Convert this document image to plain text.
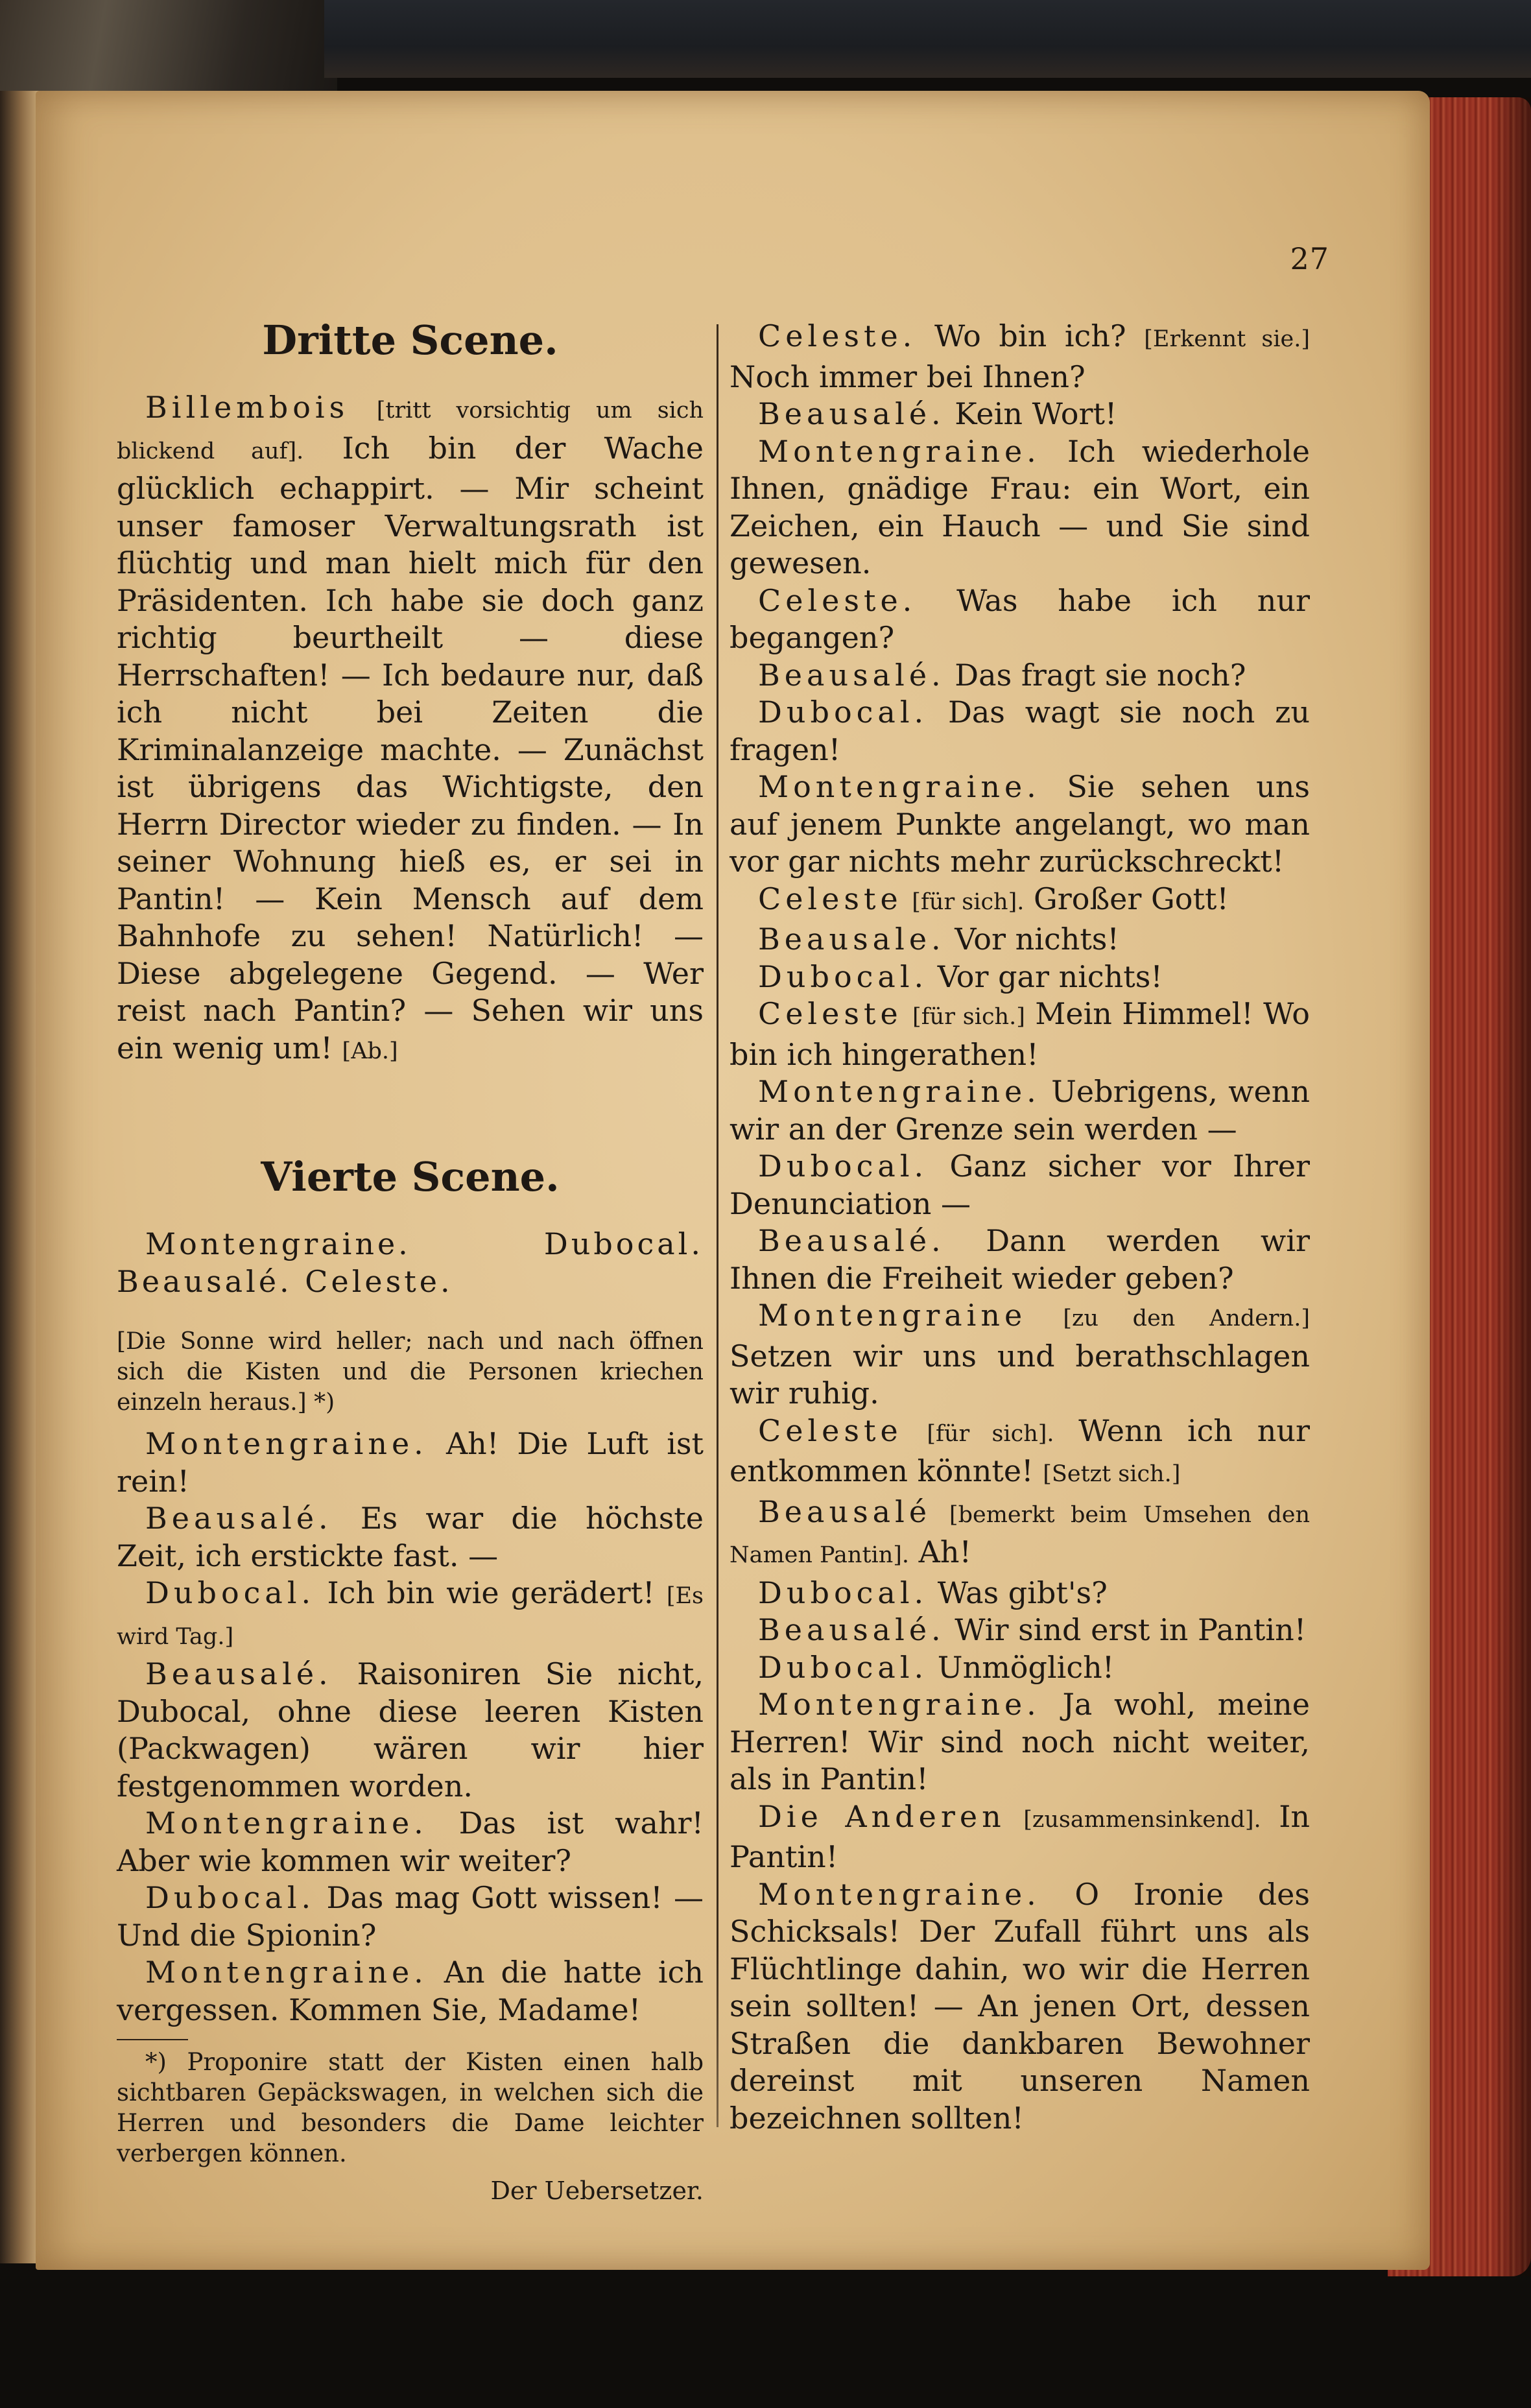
27

Dritte Scene.

Billembois [tritt vorsichtig um sich blickend auf]. Ich bin der Wache glücklich echappirt. — Mir scheint unser famoser Verwaltungsrath ist flüchtig und man hielt mich für den Präsidenten. Ich habe sie doch ganz richtig beurtheilt — diese Herrschaften! — Ich bedaure nur, daß ich nicht bei Zeiten die Kriminalanzeige machte. — Zunächst ist übrigens das Wichtigste, den Herrn Director wieder zu finden. — In seiner Wohnung hieß es, er sei in Pantin! — Kein Mensch auf dem Bahnhofe zu sehen! Natürlich! — Diese abgelegene Gegend. — Wer reist nach Pantin? — Sehen wir uns ein wenig um! [Ab.]

Vierte Scene.

Montengraine. Dubocal. Beausalé. Celeste.

[Die Sonne wird heller; nach und nach öffnen sich die Kisten und die Personen kriechen einzeln heraus.] *)

Montengraine. Ah! Die Luft ist rein!

Beausalé. Es war die höchste Zeit, ich erstickte fast. —

Dubocal. Ich bin wie gerädert! [Es wird Tag.]

Beausalé. Raisoniren Sie nicht, Dubocal, ohne diese leeren Kisten (Packwagen) wären wir hier festgenommen worden.

Montengraine. Das ist wahr! Aber wie kommen wir weiter?

Dubocal. Das mag Gott wissen! — Und die Spionin?

Montengraine. An die hatte ich vergessen. Kommen Sie, Madame!

*) Proponire statt der Kisten einen halb sichtbaren Gepäckswagen, in welchen sich die Herren und besonders die Dame leichter verbergen können.

Der Uebersetzer.

Celeste. Wo bin ich? [Erkennt sie.] Noch immer bei Ihnen?

Beausalé. Kein Wort!

Montengraine. Ich wiederhole Ihnen, gnädige Frau: ein Wort, ein Zeichen, ein Hauch — und Sie sind gewesen.

Celeste. Was habe ich nur begangen?

Beausalé. Das fragt sie noch?

Dubocal. Das wagt sie noch zu fragen!

Montengraine. Sie sehen uns auf jenem Punkte angelangt, wo man vor gar nichts mehr zurückschreckt!

Celeste [für sich]. Großer Gott!

Beausale. Vor nichts!

Dubocal. Vor gar nichts!

Celeste [für sich.] Mein Himmel! Wo bin ich hingerathen!

Montengraine. Uebrigens, wenn wir an der Grenze sein werden —

Dubocal. Ganz sicher vor Ihrer Denunciation —

Beausalé. Dann werden wir Ihnen die Freiheit wieder geben?

Montengraine [zu den Andern.] Setzen wir uns und berathschlagen wir ruhig.

Celeste [für sich]. Wenn ich nur entkommen könnte! [Setzt sich.]

Beausalé [bemerkt beim Umsehen den Namen Pantin]. Ah!

Dubocal. Was gibt's?

Beausalé. Wir sind erst in Pantin!

Dubocal. Unmöglich!

Montengraine. Ja wohl, meine Herren! Wir sind noch nicht weiter, als in Pantin!

Die Anderen [zusammensinkend]. In Pantin!

Montengraine. O Ironie des Schicksals! Der Zufall führt uns als Flüchtlinge dahin, wo wir die Herren sein sollten! — An jenen Ort, dessen Straßen die dankbaren Bewohner dereinst mit unseren Namen bezeichnen sollten!
